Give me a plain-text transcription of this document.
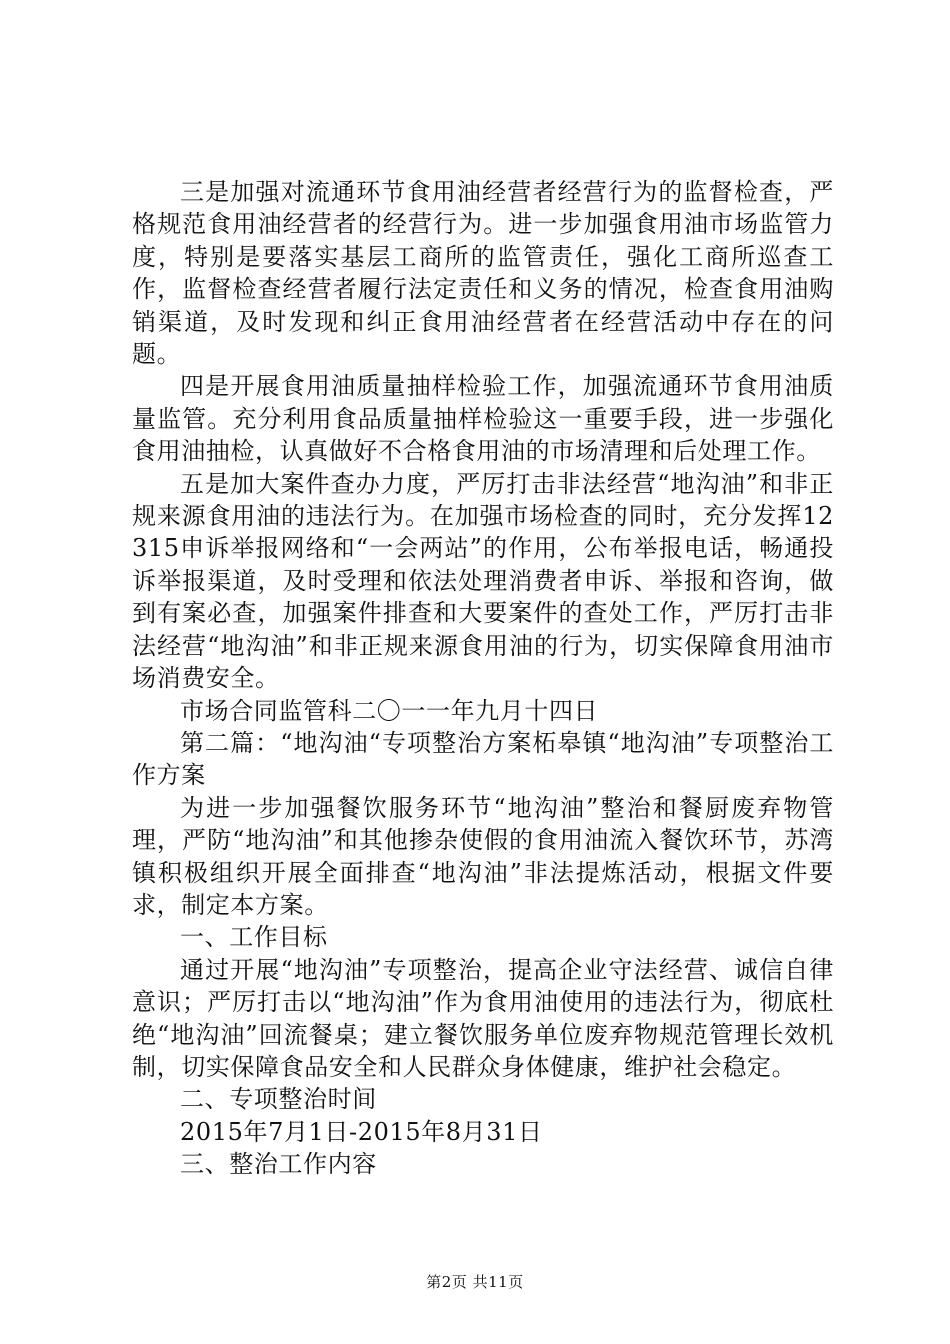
三是加强对流通环节食用油经营者经营行为的监督检查，严格规范食用油经营者的经营行为。进一步加强食用油市场监管力度，特别是要落实基层工商所的监管责任，强化工商所巡查工作，监督检查经营者履行法定责任和义务的情况，检查食用油购销渠道，及时发现和纠正食用油经营者在经营活动中存在的问题。

四是开展食用油质量抽样检验工作，加强流通环节食用油质量监管。充分利用食品质量抽样检验这一重要手段，进一步强化食用油抽检，认真做好不合格食用油的市场清理和后处理工作。

五是加大案件查办力度，严厉打击非法经营“地沟油”和非正规来源食用油的违法行为。在加强市场检查的同时，充分发挥12315申诉举报网络和“一会两站”的作用，公布举报电话，畅通投诉举报渠道，及时受理和依法处理消费者申诉、举报和咨询，做到有案必查，加强案件排查和大要案件的查处工作，严厉打击非法经营“地沟油”和非正规来源食用油的行为，切实保障食用油市场消费安全。

市场合同监管科二〇一一年九月十四日

第二篇：“地沟油“专项整治方案柘皋镇“地沟油”专项整治工作方案

为进一步加强餐饮服务环节“地沟油”整治和餐厨废弃物管理，严防“地沟油”和其他掺杂使假的食用油流入餐饮环节，苏湾镇积极组织开展全面排查“地沟油”非法提炼活动，根据文件要求，制定本方案。

一、工作目标

通过开展“地沟油”专项整治，提高企业守法经营、诚信自律意识；严厉打击以“地沟油”作为食用油使用的违法行为，彻底杜绝“地沟油”回流餐桌；建立餐饮服务单位废弃物规范管理长效机制，切实保障食品安全和人民群众身体健康，维护社会稳定。

二、专项整治时间

2015年7月1日-2015年8月31日

三、整治工作内容

第2页 共11页
